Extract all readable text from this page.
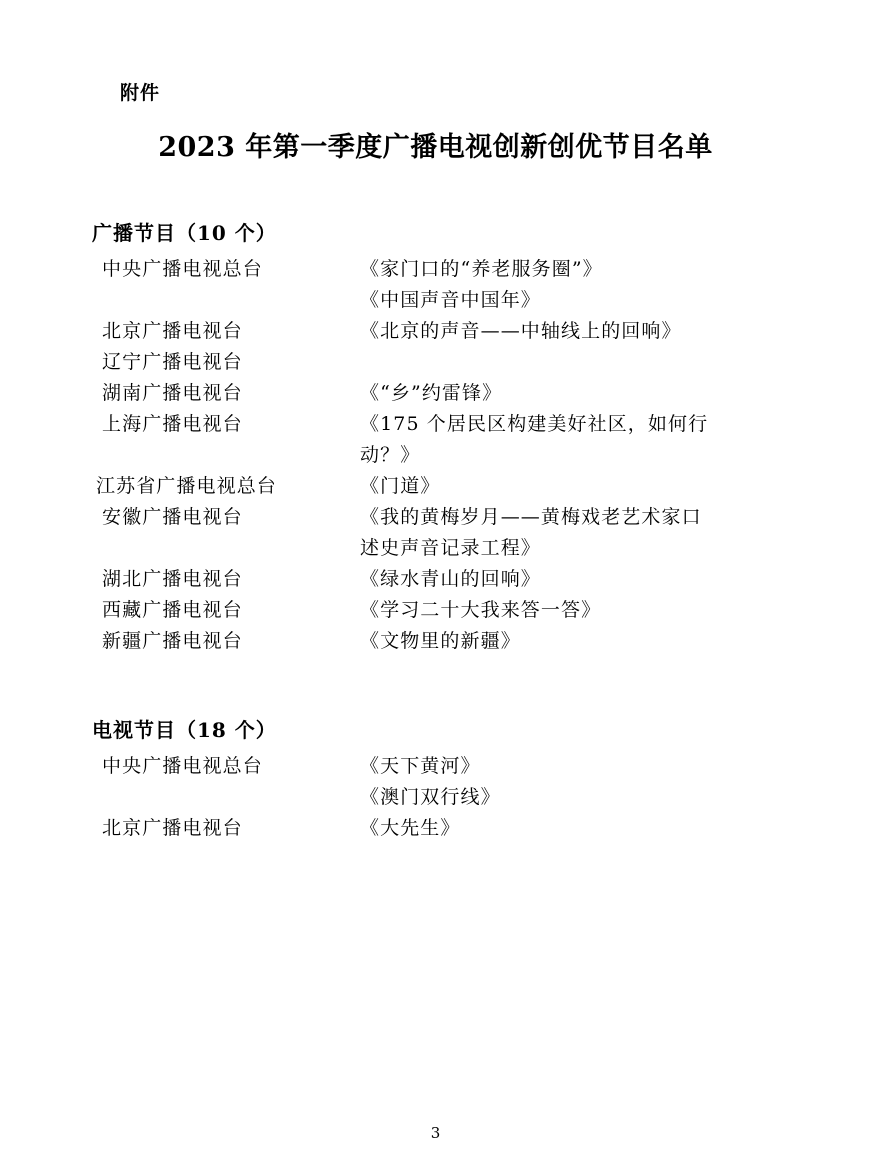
附件
2023 年第一季度广播电视创新创优节目名单
广播节目（10 个）
中央广播电视总台	《家门口的“养老服务圈”》
《中国声音中国年》
北京广播电视台	《北京的声音——中轴线上的回响》
辽宁广播电视台
湖南广播电视台	《“乡”约雷锋》
上海广播电视台	《175 个居民区构建美好社区，如何行
动？》
江苏省广播电视总台	《门道》
安徽广播电视台	《我的黄梅岁月——黄梅戏老艺术家口
述史声音记录工程》
湖北广播电视台	《绿水青山的回响》
西藏广播电视台	《学习二十大我来答一答》
新疆广播电视台	《文物里的新疆》
电视节目（18 个）
中央广播电视总台	《天下黄河》
《澳门双行线》
北京广播电视台	《大先生》
3
